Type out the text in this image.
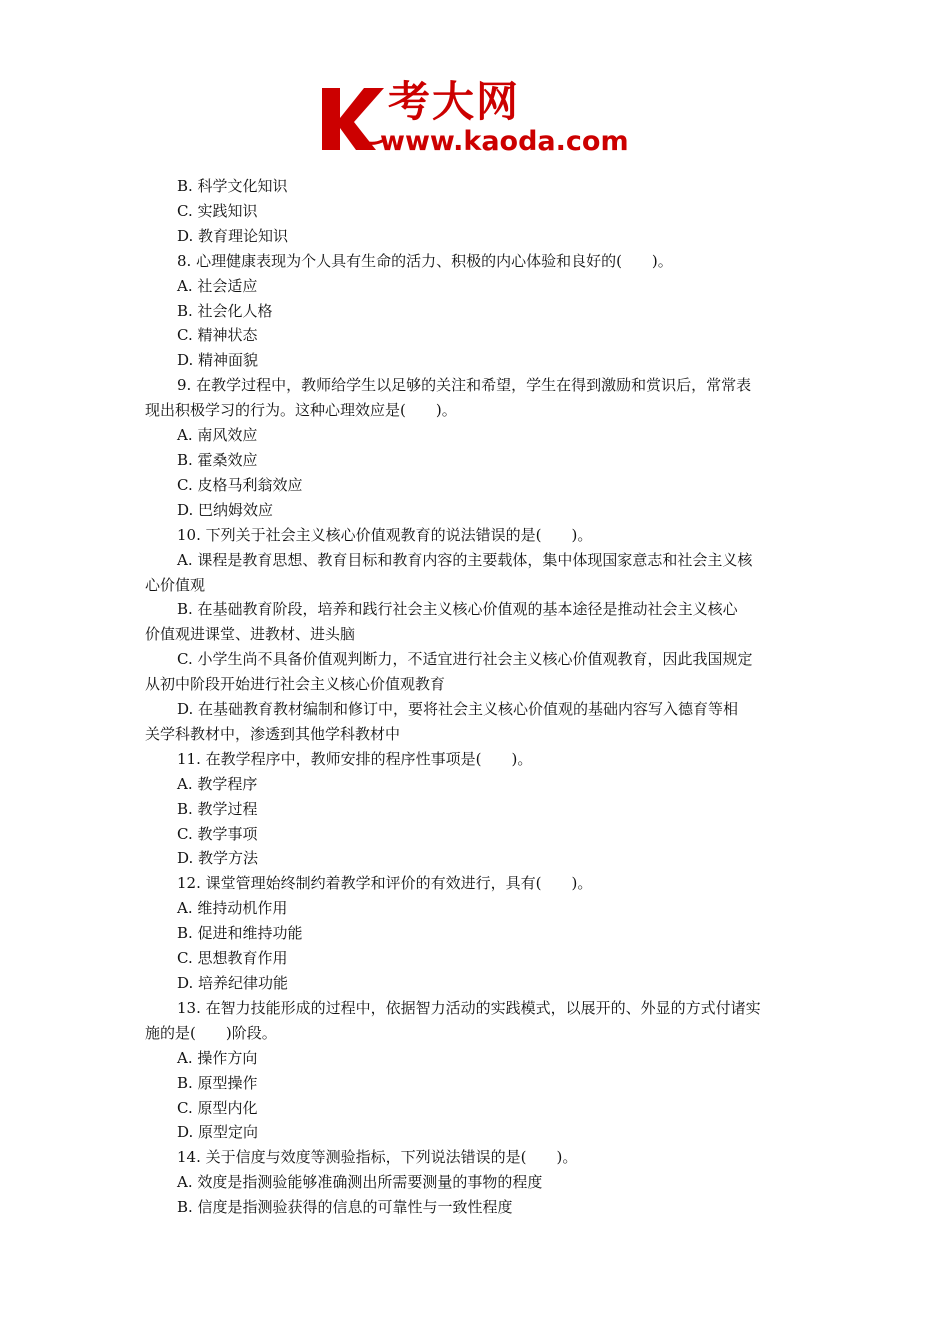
考大网
www.kaoda.com

B. 科学文化知识

C. 实践知识

D. 教育理论知识

8. 心理健康表现为个人具有生命的活力、积极的内心体验和良好的(　　)。

A. 社会适应

B. 社会化人格

C. 精神状态

D. 精神面貌

9. 在教学过程中，教师给学生以足够的关注和希望，学生在得到激励和赏识后，常常表

现出积极学习的行为。这种心理效应是(　　)。

A. 南风效应

B. 霍桑效应

C. 皮格马利翁效应

D. 巴纳姆效应

10. 下列关于社会主义核心价值观教育的说法错误的是(　　)。

A. 课程是教育思想、教育目标和教育内容的主要载体，集中体现国家意志和社会主义核

心价值观

B. 在基础教育阶段，培养和践行社会主义核心价值观的基本途径是推动社会主义核心

价值观进课堂、进教材、进头脑

C. 小学生尚不具备价值观判断力，不适宜进行社会主义核心价值观教育，因此我国规定

从初中阶段开始进行社会主义核心价值观教育

D. 在基础教育教材编制和修订中，要将社会主义核心价值观的基础内容写入德育等相

关学科教材中，渗透到其他学科教材中

11. 在教学程序中，教师安排的程序性事项是(　　)。

A. 教学程序

B. 教学过程

C. 教学事项

D. 教学方法

12. 课堂管理始终制约着教学和评价的有效进行，具有(　　)。

A. 维持动机作用

B. 促进和维持功能

C. 思想教育作用

D. 培养纪律功能

13. 在智力技能形成的过程中，依据智力活动的实践模式，以展开的、外显的方式付诸实

施的是(　　)阶段。

A. 操作方向

B. 原型操作

C. 原型内化

D. 原型定向

14. 关于信度与效度等测验指标，下列说法错误的是(　　)。

A. 效度是指测验能够准确测出所需要测量的事物的程度

B. 信度是指测验获得的信息的可靠性与一致性程度
